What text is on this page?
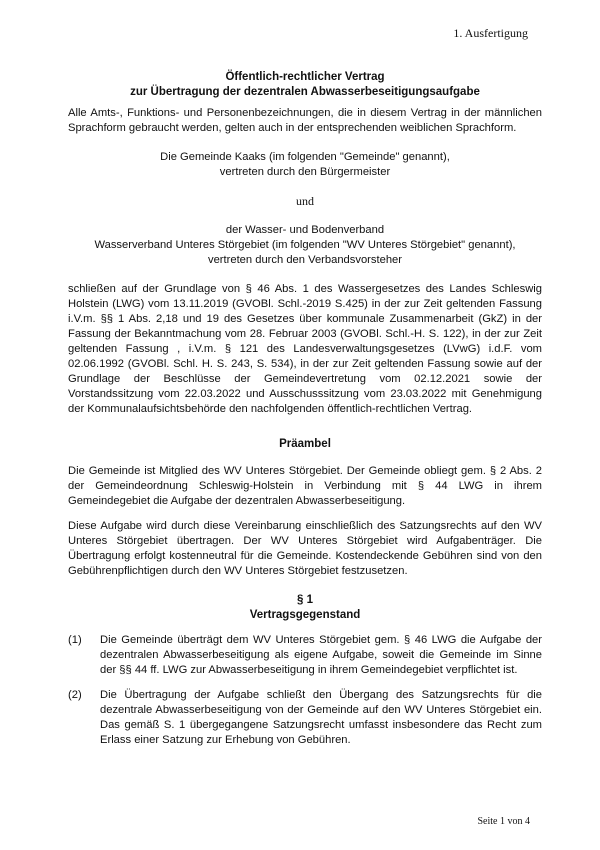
1. Ausfertigung
Öffentlich-rechtlicher Vertrag
zur Übertragung der dezentralen Abwasserbeseitigungsaufgabe

Alle Amts-, Funktions- und Personenbezeichnungen, die in diesem Vertrag in der männlichen Sprachform gebraucht werden, gelten auch in der entsprechenden weiblichen Sprachform.

Die Gemeinde Kaaks (im folgenden "Gemeinde" genannt),
vertreten durch den Bürgermeister
und
der Wasser- und Bodenverband
Wasserverband Unteres Störgebiet (im folgenden "WV Unteres Störgebiet" genannt),
vertreten durch den Verbandsvorsteher

schließen auf der Grundlage von § 46 Abs. 1 des Wassergesetzes des Landes Schleswig Holstein (LWG) vom 13.11.2019 (GVOBl. Schl.-2019 S.425) in der zur Zeit geltenden Fassung i.V.m. §§ 1 Abs. 2,18 und 19 des Gesetzes über kommunale Zusammenarbeit (GkZ) in der Fassung der Bekanntmachung vom 28. Februar 2003 (GVOBl. Schl.-H. S. 122), in der zur Zeit geltenden Fassung , i.V.m. § 121 des Landesverwaltungsgesetzes (LVwG) i.d.F. vom 02.06.1992 (GVOBl. Schl. H. S. 243, S. 534), in der zur Zeit geltenden Fassung sowie auf der Grundlage der Beschlüsse der Gemeindevertretung vom 02.12.2021 sowie der Vorstandssitzung vom 22.03.2022 und Ausschusssitzung vom 23.03.2022 mit Genehmigung der Kommunalaufsichtsbehörde den nachfolgenden öffentlich-rechtlichen Vertrag.

Präambel

Die Gemeinde ist Mitglied des WV Unteres Störgebiet. Der Gemeinde obliegt gem. § 2 Abs. 2 der Gemeindeordnung Schleswig-Holstein in Verbindung mit § 44 LWG in ihrem Gemeindegebiet die Aufgabe der dezentralen Abwasserbeseitigung.

Diese Aufgabe wird durch diese Vereinbarung einschließlich des Satzungsrechts auf den WV Unteres Störgebiet übertragen. Der WV Unteres Störgebiet wird Aufgabenträger. Die Übertragung erfolgt kostenneutral für die Gemeinde. Kostendeckende Gebühren sind von den Gebührenpflichtigen durch den WV Unteres Störgebiet festzusetzen.

§ 1
Vertragsgegenstand
(1)	Die Gemeinde überträgt dem WV Unteres Störgebiet gem. § 46 LWG die Aufgabe der dezentralen Abwasserbeseitigung als eigene Aufgabe, soweit die Gemeinde im Sinne der §§ 44 ff. LWG zur Abwasserbeseitigung in ihrem Gemeindegebiet verpflichtet ist.
(2)	Die Übertragung der Aufgabe schließt den Übergang des Satzungsrechts für die dezentrale Abwasserbeseitigung von der Gemeinde auf den WV Unteres Störgebiet ein. Das gemäß S. 1 übergegangene Satzungsrecht umfasst insbesondere das Recht zum Erlass einer Satzung zur Erhebung von Gebühren.
Seite 1 von 4
